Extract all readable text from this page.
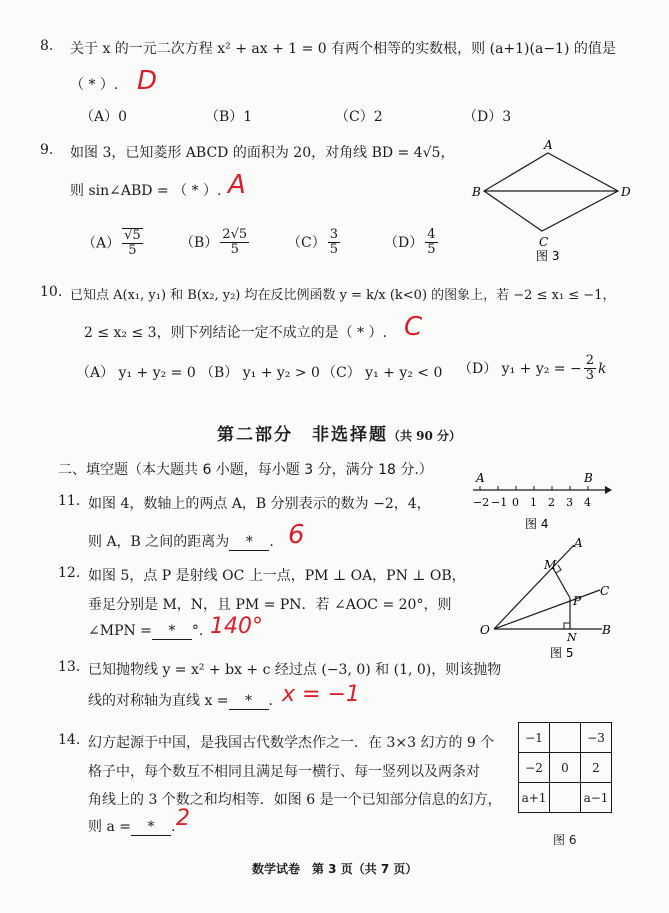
8. 关于 x 的一元二次方程 x² + ax + 1 = 0 有两个相等的实数根，则 (a+1)(a−1) 的值是
（ * ）. D
（A）0	（B）1	（C）2	（D）3
9. 如图 3，已知菱形 ABCD 的面积为 20，对角线 BD = 4√5，
则 sin∠ABD = （ * ）. A
$(A) \frac{√5}{5}$	$(B) \frac{2√5}{5}$	$(C) \frac{3}{5}$	$(D) \frac{4}{5}$
A
B
C
D
图 3
10. 已知点 A(x₁, y₁) 和 B(x₂, y₂) 均在反比例函数 y = k/x (k<0) 的图象上，若 −2 ≤ x₁ ≤ −1，
2 ≤ x₂ ≤ 3，则下列结论一定不成立的是（ * ）. C
（A） y₁ + y₂ = 0 （B） y₁ + y₂ > 0 （C） y₁ + y₂ < 0 （D） y₁ + y₂ = − $\frac{2}{3}$ k
第二部分　非选择题（共 90 分）
二、填空题（本大题共 6 小题，每小题 3 分，满分 18 分.）
11. 如图 4，数轴上的两点 A，B 分别表示的数为 −2，4，
则 A，B 之间的距离为 * . 6
A	B
−2 −1 0 1 2 3 4
图 4
12. 如图 5，点 P 是射线 OC 上一点，PM ⊥ OA，PN ⊥ OB，
垂足分别是 M，N，且 PM = PN．若 ∠AOC = 20°，则
∠MPN = * °. 140°
A
M
C
P
O
N
B
图 5
13. 已知抛物线 y = x² + bx + c 经过点 (−3, 0) 和 (1, 0)，则该抛物
线的对称轴为直线 x = * . x = −1
14. 幻方起源于中国，是我国古代数学杰作之一．在 3×3 幻方的 9 个
格子中，每个数互不相同且满足每一横行、每一竖列以及两条对
角线上的 3 个数之和均相等．如图 6 是一个已知部分信息的幻方，
则 a = * . 2
−1		−3
−2	0	2
a+1		a−1
图 6
数学试卷　第 3 页（共 7 页）
